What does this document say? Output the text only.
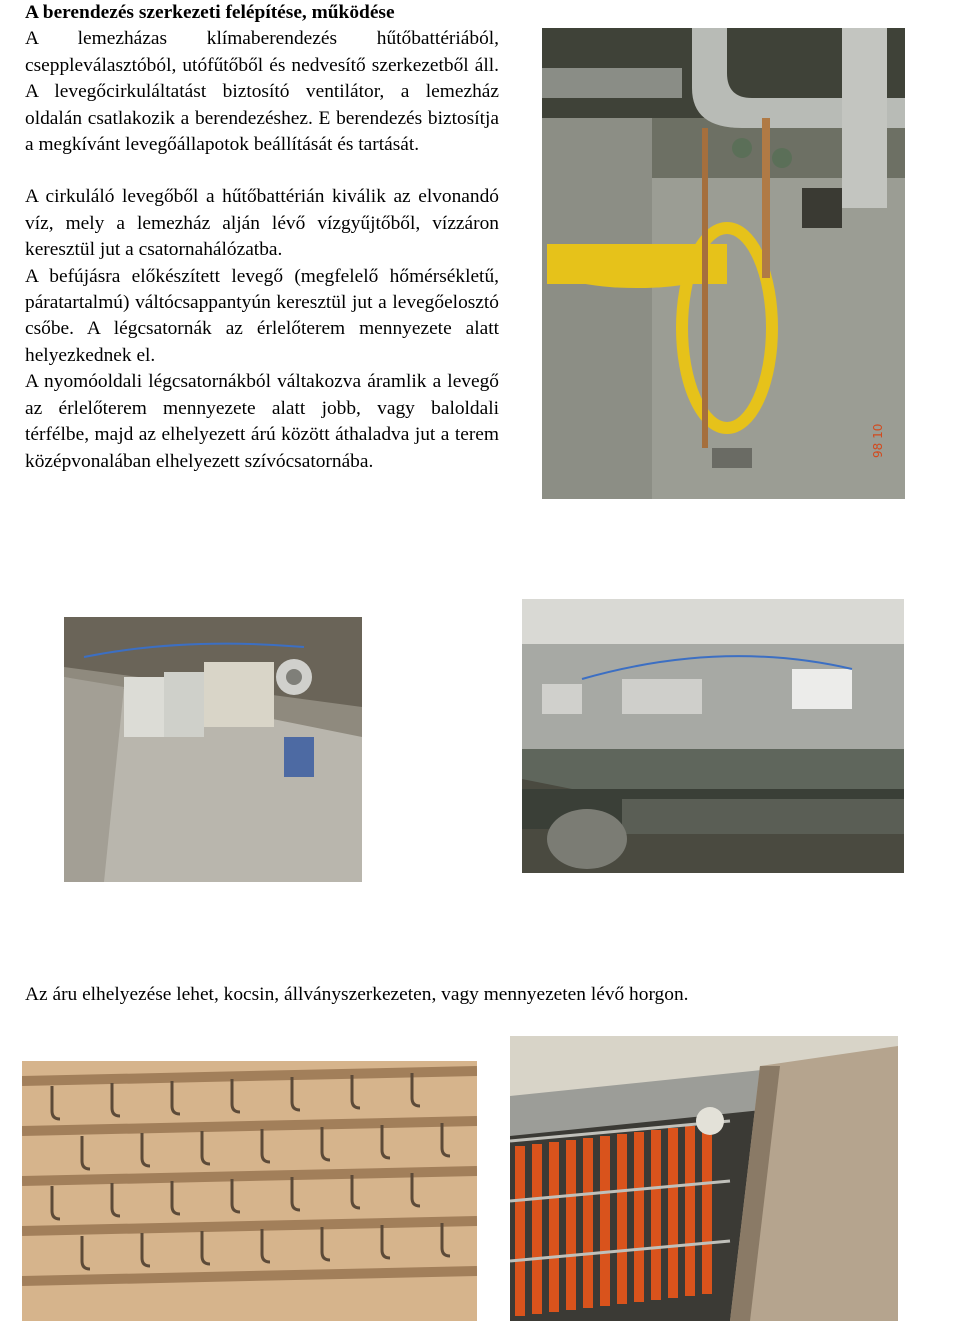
A berendezés szerkezeti felépítése, működése

A lemezházas klímaberendezés hűtőbattériából, cseppleválasztóból, utófűtőből és nedvesítő szerkezetből áll. A levegőcirkuláltatást biztosító ventilátor, a lemezház oldalán csatlakozik a berendezéshez. E berendezés biztosítja a megkívánt levegőállapotok beállítását és tartását.

A cirkuláló levegőből a hűtőbattérián kiválik az elvonandó víz, mely a lemezház alján lévő vízgyűjtőből, vízzáron keresztül jut a csatornahálózatba.

A befújásra előkészített levegő (megfelelő hőmérsékletű, páratartalmú) váltócsappantyún keresztül jut a levegőelosztó csőbe. A légcsatornák az érlelőterem mennyezete alatt helyezkednek el.

A nyomóoldali légcsatornákból váltakozva áramlik a levegő az érlelőterem mennyezete alatt jobb, vagy baloldali térfélbe, majd az elhelyezett árú között áthaladva jut a terem középvonalában elhelyezett szívócsatornába.

98 10
Az áru elhelyezése lehet, kocsin, állványszerkezeten, vagy mennyezeten lévő horgon.
